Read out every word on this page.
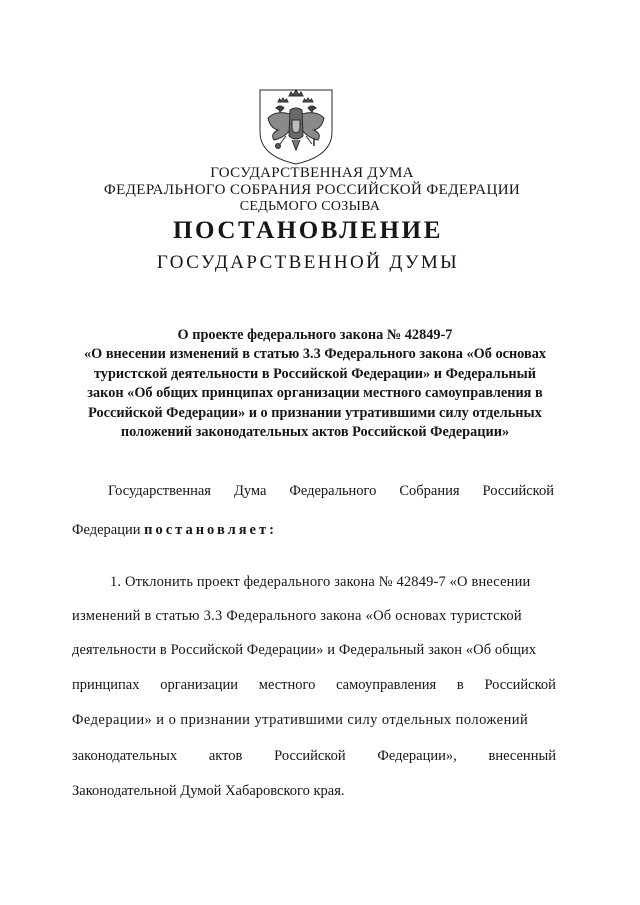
ГОСУДАРСТВЕННАЯ ДУМА
ФЕДЕРАЛЬНОГО СОБРАНИЯ РОССИЙСКОЙ ФЕДЕРАЦИИ
СЕДЬМОГО СОЗЫВА
ПОСТАНОВЛЕНИЕ
ГОСУДАРСТВЕННОЙ ДУМЫ
О проекте федерального закона № 42849-7
«О внесении изменений в статью 3.3 Федерального закона «Об основах
туристской деятельности в Российской Федерации» и Федеральный
закон «Об общих принципах организации местного самоуправления в
Российской Федерации» и о признании утратившими силу отдельных
положений законодательных актов Российской Федерации»
Государственная Дума Федерального Собрания Российской
Федерации постановляет:
1. Отклонить проект федерального закона № 42849-7 «О внесении
изменений в статью 3.3 Федерального закона «Об основах туристской
деятельности в Российской Федерации» и Федеральный закон «Об общих
принципах организации местного самоуправления в Российской
Федерации» и о признании утратившими силу отдельных положений
законодательных актов Российской Федерации», внесенный
Законодательной Думой Хабаровского края.
